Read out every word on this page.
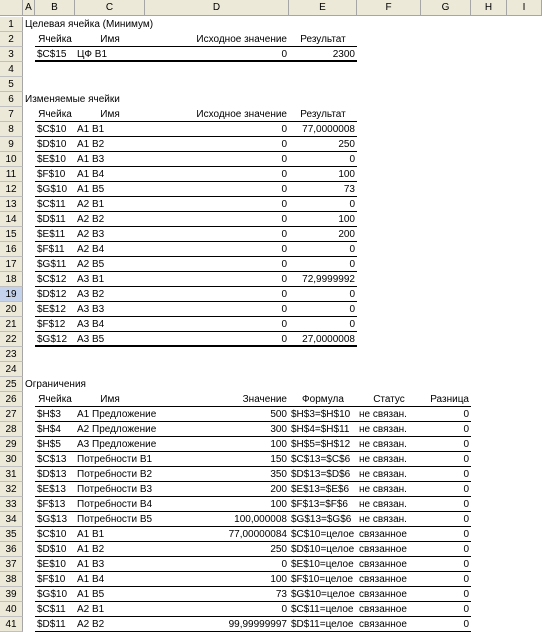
A	B	C	D	E	F	G	H	I
1	Целевая ячейка (Минимум)
2	Ячейка	Имя	Исходное значение	Результат
3	$C$15	ЦФ В1	0	2300
4
5
6	Изменяемые ячейки
7	Ячейка	Имя	Исходное значение	Результат
8	$C$10	А1 В1	0	77,0000008
9	$D$10	А1 В2	0	250
10	$E$10	А1 В3	0	0
11	$F$10	А1 В4	0	100
12	$G$10 А1 В5	0	73
13	$C$11	А2 В1	0	0
14	$D$11	А2 В2	0	100
15	$E$11	А2 В3	0	200
16	$F$11	А2 В4	0	0
17	$G$11	А2 В5	0	0
18	$C$12	А3 В1	0	72,9999992
19	$D$12	А3 В2	0	0
20	$E$12	А3 В3	0	0
21	$F$12	А3 В4	0	0
22	$G$12 А3 В5	0	27,0000008
23
24
25 Ограничения
26	Ячейка	Имя	Значение	Формула	Статус	Разница
27	$H$3	А1 Предложение	500 $H$3=$H$10 не связан.	0
28	$H$4	А2 Предложение	300 $H$4=$H$11 не связан.	0
29	$H$5	А3 Предложение	100 $H$5=$H$12 не связан.	0
30	$C$13	Потребности В1	150 $C$13=$C$6 не связан.	0
31	$D$13	Потребности В2	350 $D$13=$D$6 не связан.	0
32	$E$13	Потребности В3	200 $E$13=$E$6 не связан.	0
33	$F$13	Потребности В4	100 $F$13=$F$6	не связан.	0
34	$G$13 Потребности В5	100,000008 $G$13=$G$6 не связан.	0
35	$C$10	А1 В1	77,00000084 $C$10=целое связанное	0
36	$D$10	А1 В2	250 $D$10=целое связанное	0
37	$E$10	А1 В3	0 $E$10=целое связанное	0
38	$F$10	А1 В4	100 $F$10=целое связанное	0
39	$G$10 А1 В5	73 $G$10=целое связанное	0
40	$C$11	А2 В1	0 $C$11=целое связанное	0
41	$D$11	А2 В2	99,99999997 $D$11=целое связанное	0
